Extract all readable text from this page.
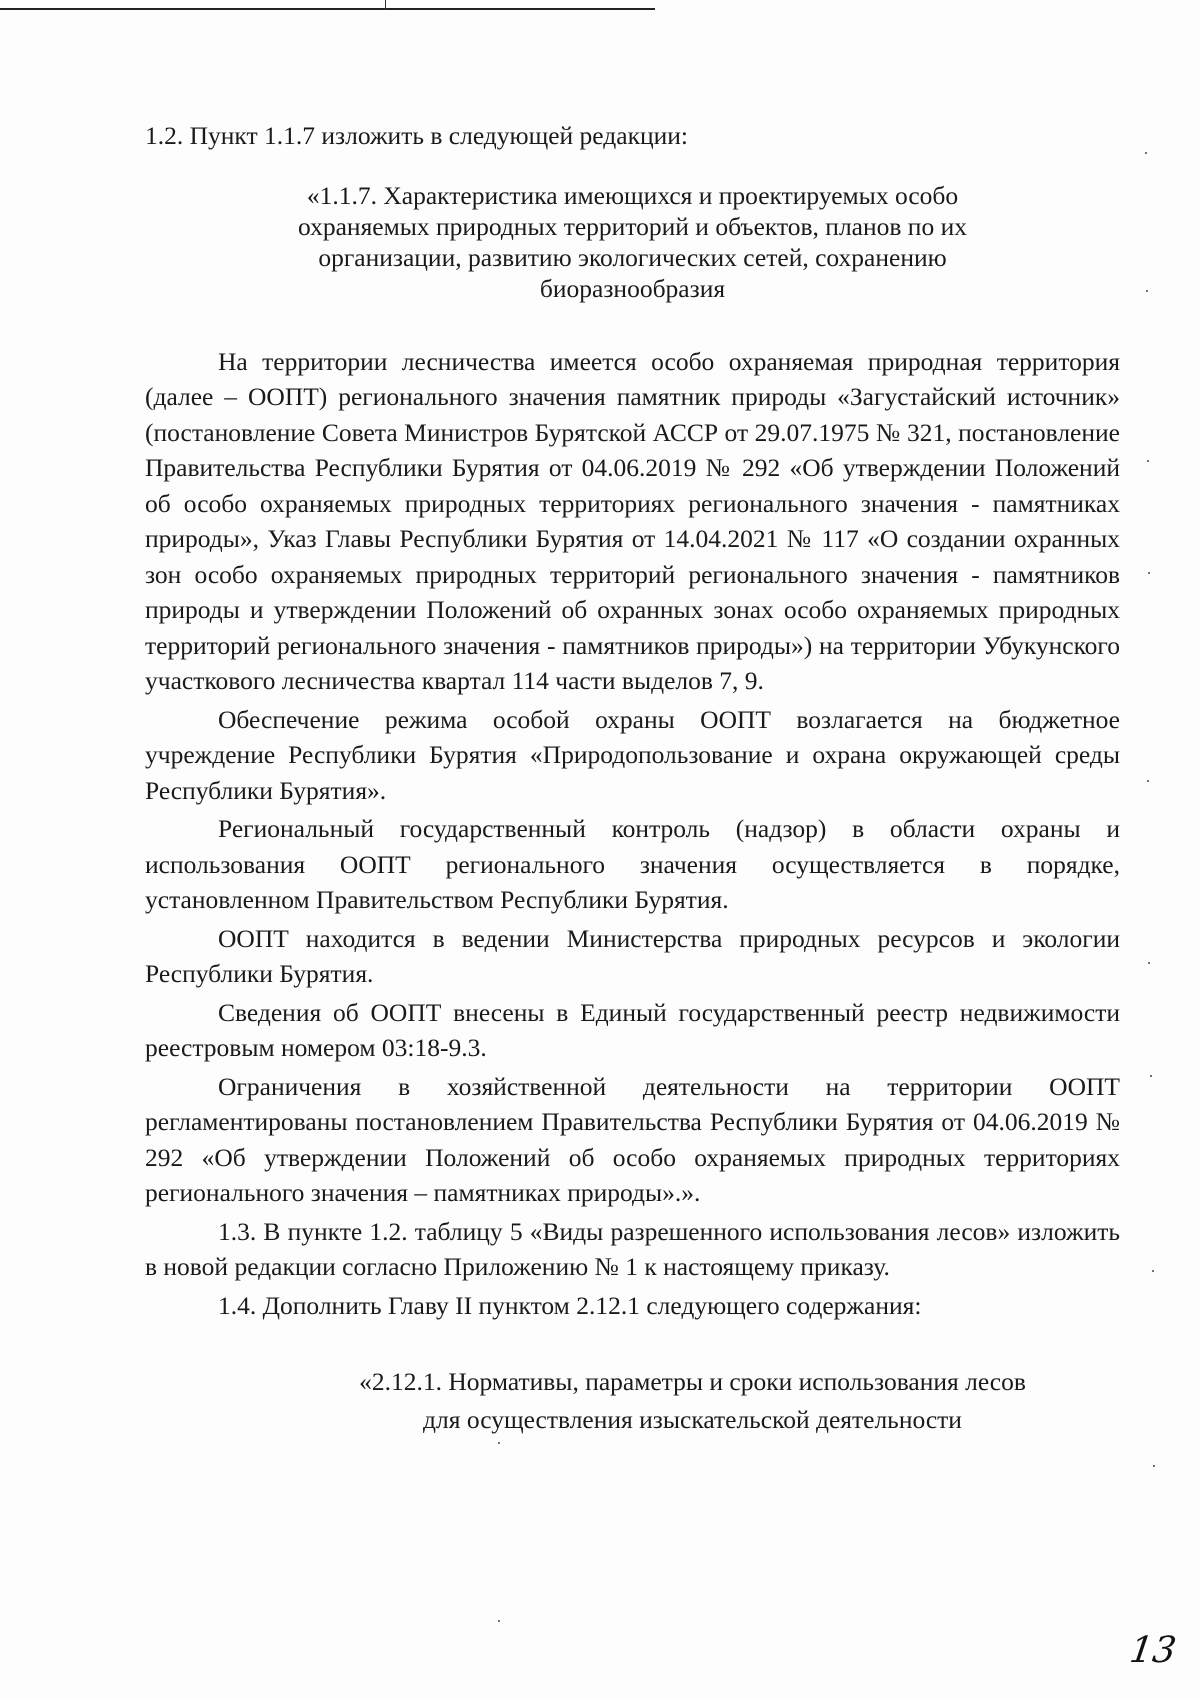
1.2. Пункт 1.1.7 изложить в следующей редакции:

«1.1.7. Характеристика имеющихся и проектируемых особо
охраняемых природных территорий и объектов, планов по их
организации, развитию экологических сетей, сохранению
биоразнообразия

На территории лесничества имеется особо охраняемая природная территория (далее – ООПТ) регионального значения памятник природы «Загустайский источник» (постановление Совета Министров Бурятской АССР от 29.07.1975 № 321, постановление Правительства Республики Бурятия от 04.06.2019 № 292 «Об утверждении Положений об особо охраняемых природных территориях регионального значения - памятниках природы», Указ Главы Республики Бурятия от 14.04.2021 № 117 «О создании охранных зон особо охраняемых природных территорий регионального значения - памятников природы и утверждении Положений об охранных зонах особо охраняемых природных территорий регионального значения - памятников природы») на территории Убукунского участкового лесничества квартал 114 части выделов 7, 9.

Обеспечение режима особой охраны ООПТ возлагается на бюджетное учреждение Республики Бурятия «Природопользование и охрана окружающей среды Республики Бурятия».

Региональный государственный контроль (надзор) в области охраны и использования ООПТ регионального значения осуществляется в порядке, установленном Правительством Республики Бурятия.

ООПТ находится в ведении Министерства природных ресурсов и экологии Республики Бурятия.

Сведения об ООПТ внесены в Единый государственный реестр недвижимости реестровым номером 03:18-9.3.

Ограничения в хозяйственной деятельности на территории ООПТ регламентированы постановлением Правительства Республики Бурятия от 04.06.2019 № 292 «Об утверждении Положений об особо охраняемых природных территориях регионального значения – памятниках природы».».

1.3. В пункте 1.2. таблицу 5 «Виды разрешенного использования лесов» изложить в новой редакции согласно Приложению № 1 к настоящему приказу.

1.4. Дополнить Главу II пунктом 2.12.1 следующего содержания:

«2.12.1. Нормативы, параметры и сроки использования лесов
для осуществления изыскательской деятельности
13
